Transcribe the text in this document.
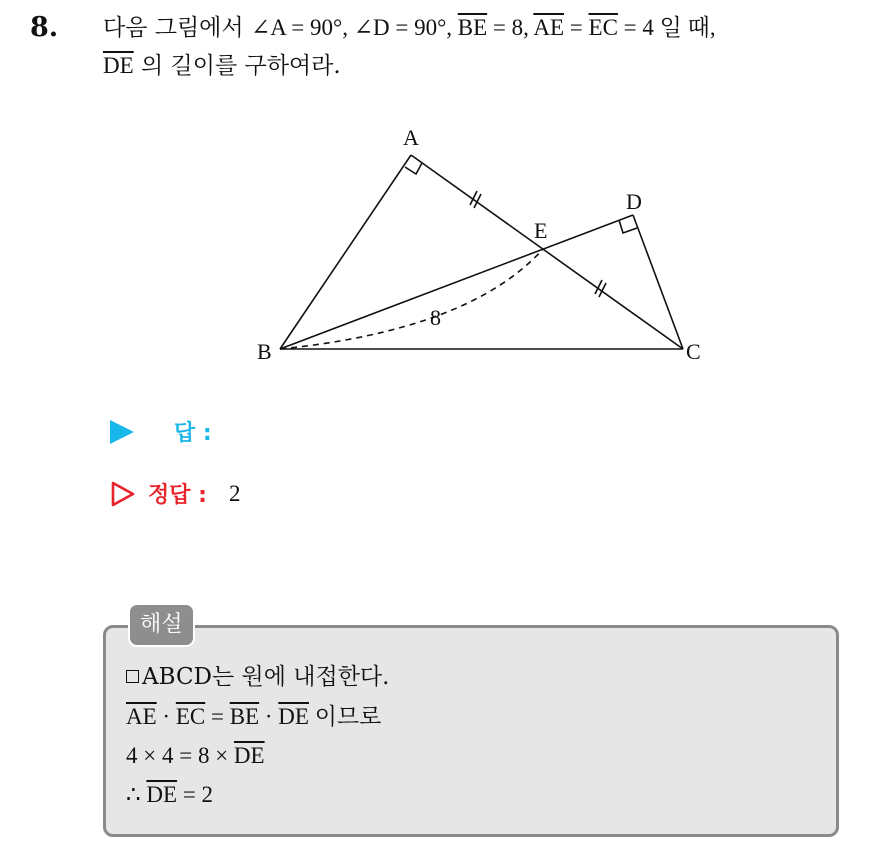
8. 다음 그림에서 ∠A = 90°, ∠D = 90°, $\overline{BE} = 8$, $\overline{AE} = \overline{EC} = 4$ 일 때,
$\overline{DE}$ 의 길이를 구하여라.
A
B	C
D
E
8
답 :
정답 : 2
해설
ABCD는 원에 내접한다.
$\overline{AE} \cdot \overline{EC} = \overline{BE} \cdot \overline{DE}$ 이므로
$4 \times 4 = 8 \times \overline{DE}$
∴ $\overline{DE} = 2$
